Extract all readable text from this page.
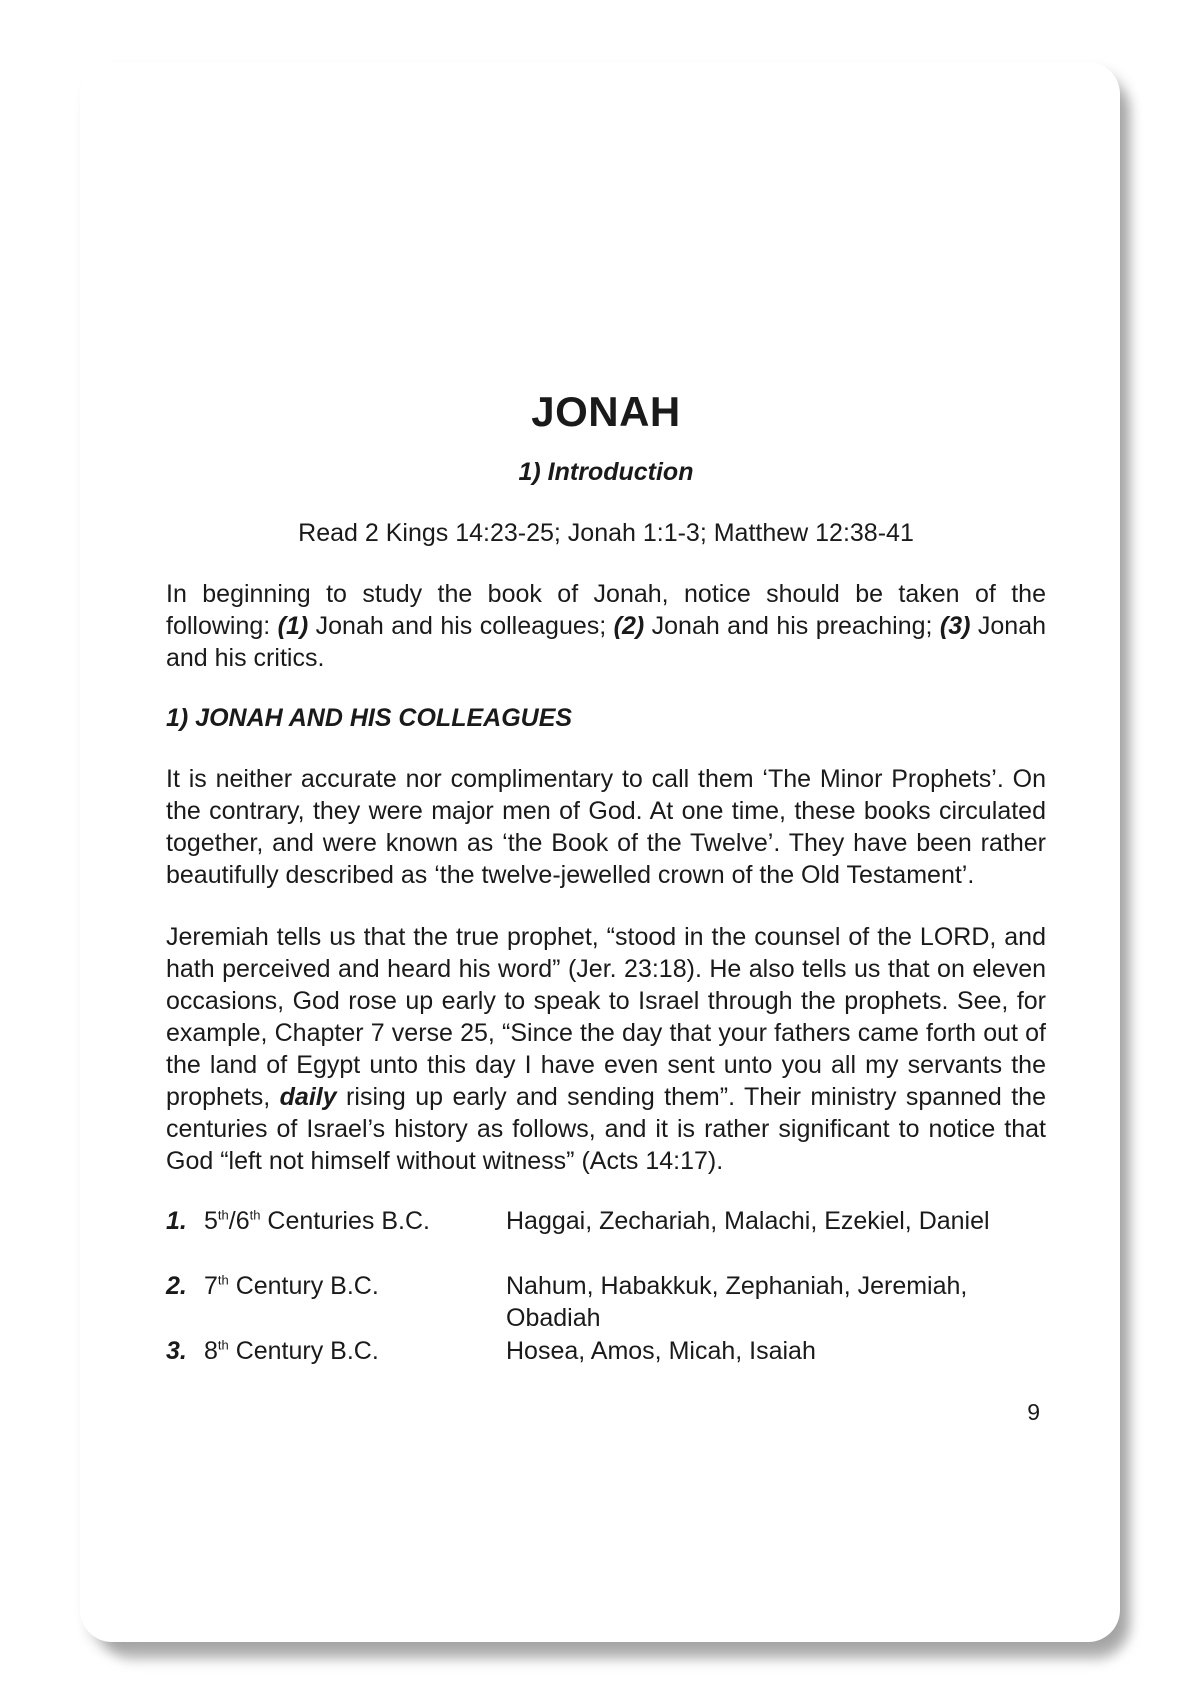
JONAH
1) Introduction
Read 2 Kings 14:23-25; Jonah 1:1-3; Matthew 12:38-41

In beginning to study the book of Jonah, notice should be taken of the following: (1) Jonah and his colleagues; (2) Jonah and his preaching; (3) Jonah and his critics.

1) JONAH AND HIS COLLEAGUES

It is neither accurate nor complimentary to call them ‘The Minor Prophets’. On the contrary, they were major men of God. At one time, these books circulated together, and were known as ‘the Book of the Twelve’. They have been rather beautifully described as ‘the twelve-jewelled crown of the Old Testament’.

Jeremiah tells us that the true prophet, “stood in the counsel of the LORD, and hath perceived and heard his word” (Jer. 23:18). He also tells us that on eleven occasions, God rose up early to speak to Israel through the prophets. See, for example, Chapter 7 verse 25, “Since the day that your fathers came forth out of the land of Egypt unto this day I have even sent unto you all my servants the prophets, daily rising up early and sending them”. Their ministry spanned the centuries of Israel’s history as follows, and it is rather significant to notice that God “left not himself without witness” (Acts 14:17).

1. 5th/6th Centuries B.C.	Haggai, Zechariah, Malachi, Ezekiel, Daniel
2. 7th Century B.C.	Nahum, Habakkuk, Zephaniah, Jeremiah, Obadiah
3. 8th Century B.C.	Hosea, Amos, Micah, Isaiah
9
